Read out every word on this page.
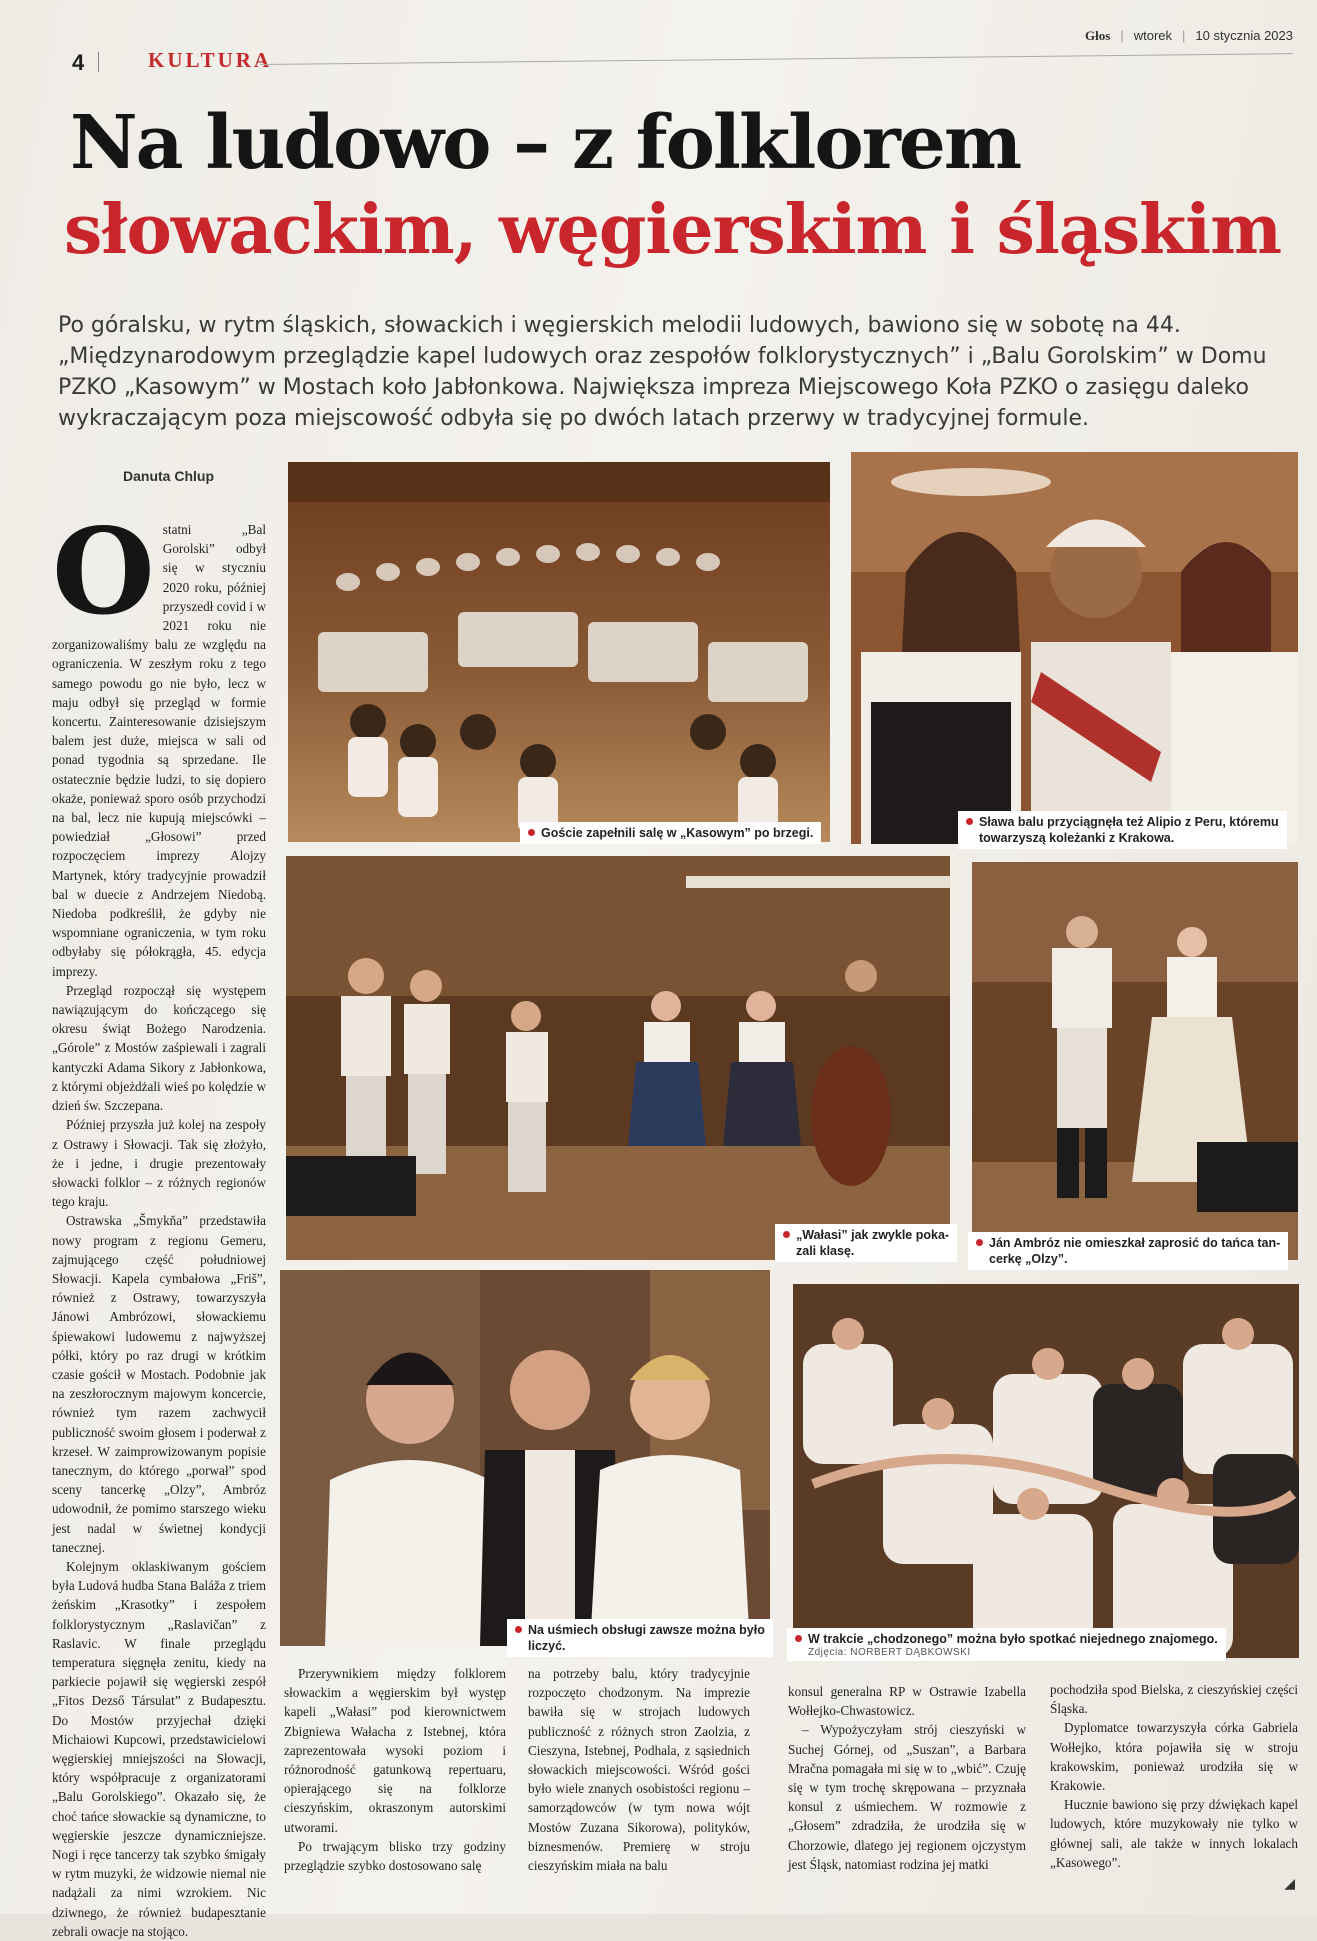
4	KULTURA
Głos | wtorek | 10 stycznia 2023
Na ludowo – z folklorem
słowackim, węgierskim i śląskim

Po góralsku, w rytm śląskich, słowackich i węgierskich melodii ludowych, bawiono się w sobotę na 44. „Międzynarodowym przeglądzie kapel ludowych oraz zespołów folklorystycznych” i „Balu Gorolskim” w Domu PZKO „Kasowym” w Mostach koło Jabłonkowa. Największa impreza Miejscowego Koła PZKO o zasięgu daleko wykraczającym poza miejscowość odbyła się po dwóch latach przerwy w tradycyjnej formule.

Danuta Chlup
O statni „Bal Gorolski” odbył się w styczniu 2020 roku, później przyszedł covid i w 2021 roku nie zorganizowaliśmy balu ze względu na ograniczenia. W zeszłym roku z tego samego powodu go nie było, lecz w maju odbył się przegląd w formie koncertu. Zainteresowanie dzisiejszym balem jest duże, miejsca w sali od ponad tygodnia są sprzedane. Ile ostatecznie będzie ludzi, to się dopiero okaże, ponieważ sporo osób przychodzi na bal, lecz nie kupują miejscówki – powiedział „Głosowi” przed rozpoczęciem imprezy Alojzy Martynek, który tradycyjnie prowadził bal w duecie z Andrzejem Niedobą. Niedoba podkreślił, że gdyby nie wspomniane ograniczenia, w tym roku odbyłaby się półokrągła, 45. edycja imprezy.

Przegląd rozpoczął się występem nawiązującym do kończącego się okresu świąt Bożego Narodzenia. „Górole” z Mostów zaśpiewali i zagrali kantyczki Adama Sikory z Jabłonkowa, z którymi objeżdżali wieś po kolędzie w dzień św. Szczepana.

Później przyszła już kolej na zespoły z Ostrawy i Słowacji. Tak się złożyło, że i jedne, i drugie prezentowały słowacki folklor – z różnych regionów tego kraju.

Ostrawska „Šmykňa” przedstawiła nowy program z regionu Gemeru, zajmującego część południowej Słowacji. Kapela cymbałowa „Friš”, również z Ostrawy, towarzyszyła Jánowi Ambrózowi, słowackiemu śpiewakowi ludowemu z najwyższej półki, który po raz drugi w krótkim czasie gościł w Mostach. Podobnie jak na zeszłorocznym majowym koncercie, również tym razem zachwycił publiczność swoim głosem i poderwał z krzeseł. W zaimprowizowanym popisie tanecznym, do którego „porwał” spod sceny tancerkę „Olzy”, Ambróz udowodnił, że pomimo starszego wieku jest nadal w świetnej kondycji tanecznej.

Kolejnym oklaskiwanym gościem była Ludová hudba Stana Baláža z triem żeńskim „Krasotky” i zespołem folklorystycznym „Raslavičan” z Raslavic. W finale przeglądu temperatura sięgnęła zenitu, kiedy na parkiecie pojawił się węgierski zespół „Fitos Dezső Társulat” z Budapesztu. Do Mostów przyjechał dzięki Michaiowi Kupcowi, przedstawicielowi węgierskiej mniejszości na Słowacji, który współpracuje z organizatorami „Balu Gorolskiego”. Okazało się, że choć tańce słowackie są dynamiczne, to węgierskie jeszcze dynamiczniejsze. Nogi i ręce tancerzy tak szybko śmigały w rytm muzyki, że widzowie niemal nie nadążali za nimi wzrokiem. Nic dziwnego, że również budapesztanie zebrali owacje na stojąco.

Goście zapełnili salę w „Kasowym” po brzegi.
Sława balu przyciągnęła też Alipio z Peru, któremu
towarzyszą koleżanki z Krakowa.
„Wałasi” jak zwykle poka-
zali klasę.
Ján Ambróz nie omieszkał zaprosić do tańca tan-
cerkę „Olzy”.
Na uśmiech obsługi zawsze można było
liczyć.	W trakcie „chodzonego” można było spotkać niejednego znajomego.
Zdjęcia: NORBERT DĄBKOWSKI

Przerywnikiem między folklorem słowackim a węgierskim był występ kapeli „Wałasi” pod kierownictwem Zbigniewa Wałacha z Istebnej, która zaprezentowała wysoki poziom i różnorodność gatunkową repertuaru, opierającego się na folklorze cieszyńskim, okraszonym autorskimi utworami.

Po trwającym blisko trzy godziny przeglądzie szybko dostosowano salę

na potrzeby balu, który tradycyjnie rozpoczęto chodzonym. Na imprezie bawiła się w strojach ludowych publiczność z różnych stron Zaolzia, z Cieszyna, Istebnej, Podhala, z sąsiednich słowackich miejscowości. Wśród gości było wiele znanych osobistości regionu – samorządowców (w tym nowa wójt Mostów Zuzana Sikorowa), polityków, biznesmenów. Premierę w stroju cieszyńskim miała na balu

konsul generalna RP w Ostrawie Izabella Wołłejko-Chwastowicz.

– Wypożyczyłam strój cieszyński w Suchej Górnej, od „Suszan”, a Barbara Mračna pomagała mi się w to „wbić”. Czuję się w tym trochę skrępowana – przyznała konsul z uśmiechem. W rozmowie z „Głosem” zdradziła, że urodziła się w Chorzowie, dlatego jej regionem ojczystym jest Śląsk, natomiast rodzina jej matki

pochodziła spod Bielska, z cieszyńskiej części Śląska.

Dyplomatce towarzyszyła córka Gabriela Wołłejko, która pojawiła się w stroju krakowskim, ponieważ urodziła się w Krakowie.

Hucznie bawiono się przy dźwiękach kapel ludowych, które muzykowały nie tylko w głównej sali, ale także w innych lokalach „Kasowego”.

◢
